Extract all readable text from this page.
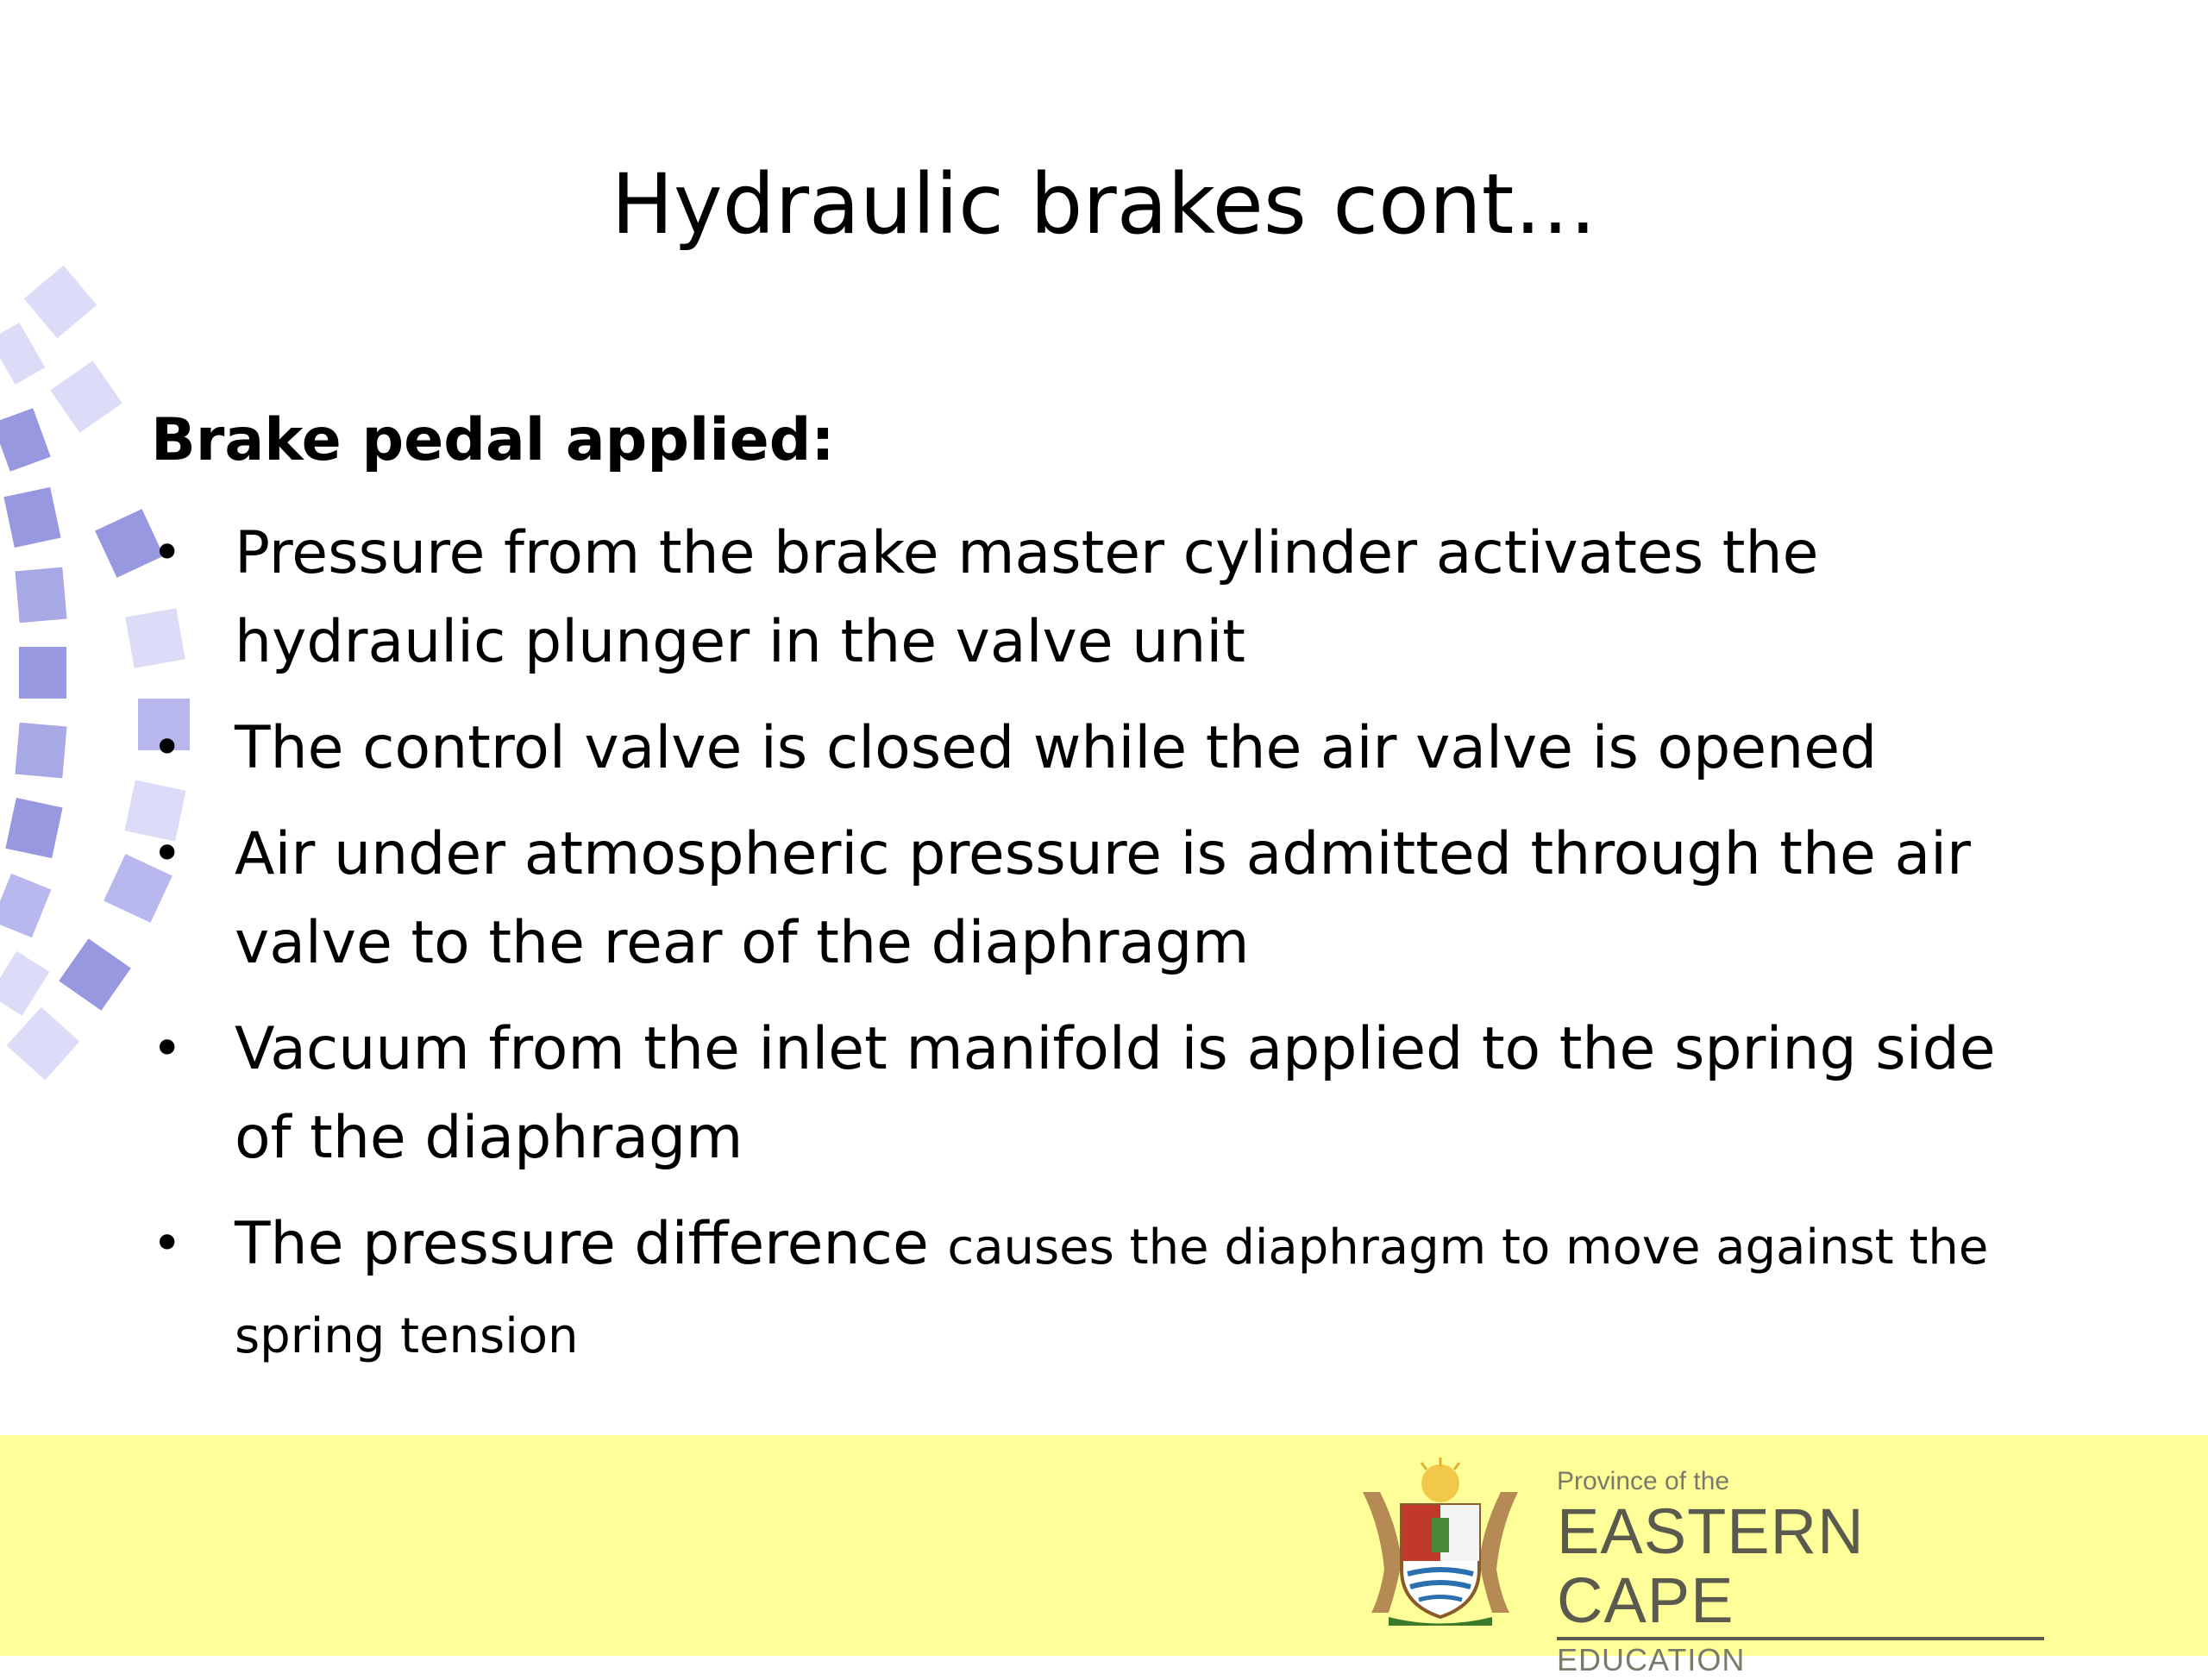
Hydraulic brakes cont…
Brake pedal applied:
• Pressure from the brake master cylinder activates the hydraulic plunger in the valve unit
• The control valve is closed while the air valve is opened
• Air under atmospheric pressure is admitted through the air valve to the rear of the diaphragm
• Vacuum from the inlet manifold is applied to the spring side of the diaphragm
• The pressure difference causes the diaphragm to move against the spring tension
Province of the
EASTERN CAPE
EDUCATION
